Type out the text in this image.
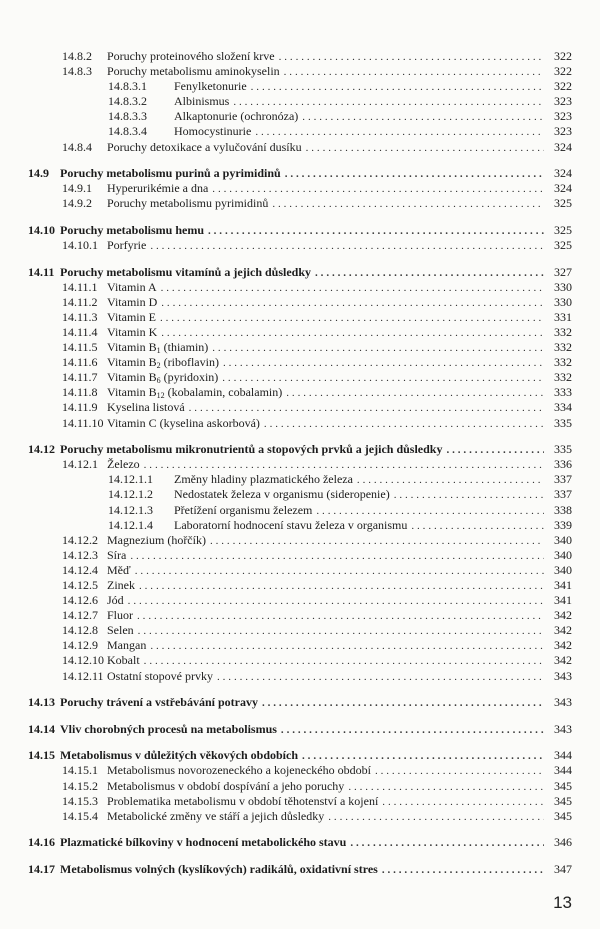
14.8.2 Poruchy proteinového složení krve .....	322
14.8.3 Poruchy metabolismu aminokyselin .....	322
14.8.3.1 Fenylketonurie .....	322
14.8.3.2 Albinismus .....	323
14.8.3.3 Alkaptonurie (ochronóza) .....	323
14.8.3.4 Homocystinurie .....	323
14.8.4 Poruchy detoxikace a vylučování dusíku .....	324
14.9 Poruchy metabolismu purinů a pyrimidinů .....	324
14.9.1 Hyperurikémie a dna .....	324
14.9.2 Poruchy metabolismu pyrimidinů .....	325
14.10 Poruchy metabolismu hemu .....	325
14.10.1 Porfyrie .....	325
14.11 Poruchy metabolismu vitamínů a jejich důsledky .....	327
14.11.1 Vitamin A .....	330
14.11.2 Vitamin D .....	330
14.11.3 Vitamin E .....	331
14.11.4 Vitamin K .....	332
14.11.5 Vitamin $B_1$ (thiamin) .....	332
14.11.6 Vitamin $B_2$ (riboflavin) .....	332
14.11.7 Vitamin $B_6$ (pyridoxin) .....	332
14.11.8 Vitamin $B_{12}$ (kobalamin, cobalamin) .....	333
14.11.9 Kyselina listová .....	334
14.11.10 Vitamin C (kyselina askorbová) .....	335
14.12 Poruchy metabolismu mikronutrientů a stopových prvků a jejich důsledky .....	335
14.12.1 Železo .....	336
14.12.1.1 Změny hladiny plazmatického železa .....	337
14.12.1.2 Nedostatek železa v organismu (sideropenie) .....	337
14.12.1.3 Přetížení organismu železem .....	338
14.12.1.4 Laboratorní hodnocení stavu železa v organismu .....	339
14.12.2 Magnezium (hořčík) .....	340
14.12.3 Síra .....	340
14.12.4 Měď .....	340
14.12.5 Zinek .....	341
14.12.6 Jód .....	341
14.12.7 Fluor .....	342
14.12.8 Selen .....	342
14.12.9 Mangan .....	342
14.12.10 Kobalt .....	342
14.12.11 Ostatní stopové prvky .....	343
14.13 Poruchy trávení a vstřebávání potravy .....	343
14.14 Vliv chorobných procesů na metabolismus .....	343
14.15 Metabolismus v důležitých věkových obdobích .....	344
14.15.1 Metabolismus novorozeneckého a kojeneckého období .....	344
14.15.2 Metabolismus v období dospívání a jeho poruchy .....	345
14.15.3 Problematika metabolismu v období těhotenství a kojení .....	345
14.15.4 Metabolické změny ve stáří a jejich důsledky .....	345
14.16 Plazmatické bílkoviny v hodnocení metabolického stavu .....	346
14.17 Metabolismus volných (kyslíkových) radikálů, oxidativní stres .....	347
13
